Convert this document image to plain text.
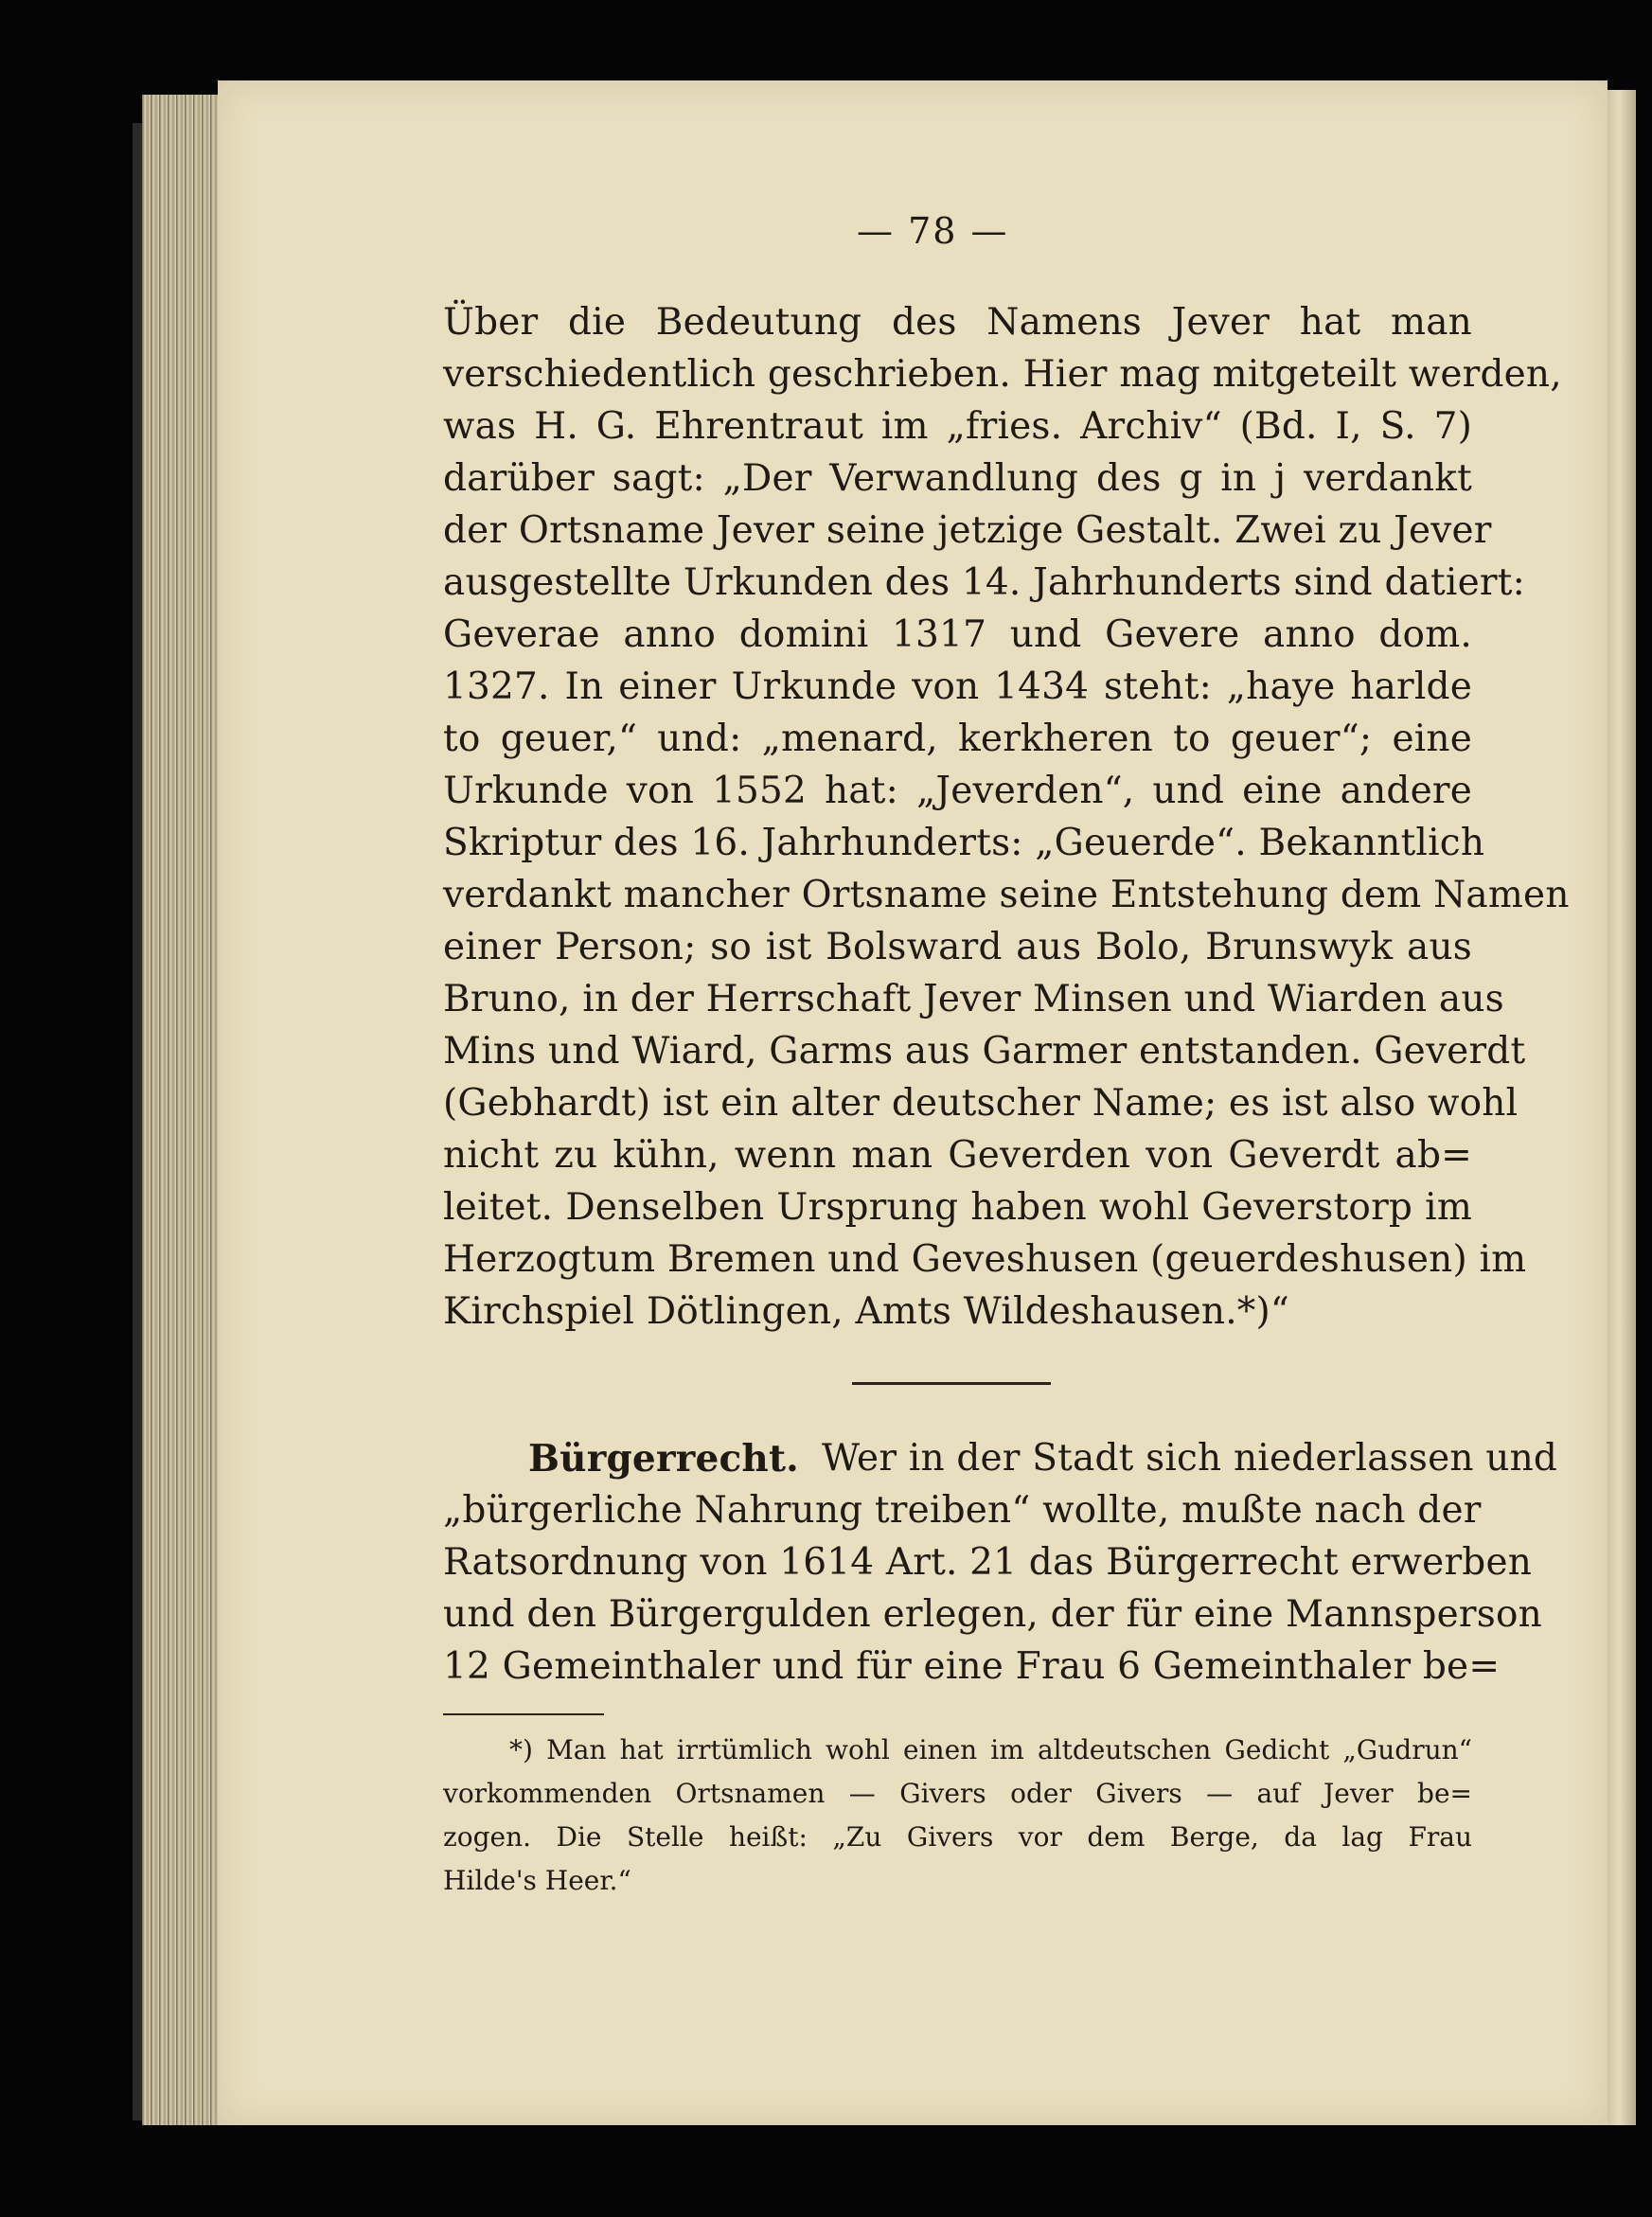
— 78 —
Über die Bedeutung des Namens Jever hat man
verschiedentlich geschrieben. Hier mag mitgeteilt werden,
was H. G. Ehrentraut im „fries. Archiv“ (Bd. I, S. 7)
darüber sagt: „Der Verwandlung des g in j verdankt
der Ortsname Jever seine jetzige Gestalt. Zwei zu Jever
ausgestellte Urkunden des 14. Jahrhunderts sind datiert:
Geverae anno domini 1317 und Gevere anno dom.
1327. In einer Urkunde von 1434 steht: „haye harlde
to geuer,“ und: „menard, kerkheren to geuer“; eine
Urkunde von 1552 hat: „Jeverden“, und eine andere
Skriptur des 16. Jahrhunderts: „Geuerde“. Bekanntlich
verdankt mancher Ortsname seine Entstehung dem Namen
einer Person; so ist Bolsward aus Bolo, Brunswyk aus
Bruno, in der Herrschaft Jever Minsen und Wiarden aus
Mins und Wiard, Garms aus Garmer entstanden. Geverdt
(Gebhardt) ist ein alter deutscher Name; es ist also wohl
nicht zu kühn, wenn man Geverden von Geverdt ab=
leitet. Denselben Ursprung haben wohl Geverstorp im
Herzogtum Bremen und Geveshusen (geuerdeshusen) im
Kirchspiel Dötlingen, Amts Wildeshausen.*)“
Bürgerrecht. Wer in der Stadt sich niederlassen und
„bürgerliche Nahrung treiben“ wollte, mußte nach der
Ratsordnung von 1614 Art. 21 das Bürgerrecht erwerben
und den Bürgergulden erlegen, der für eine Mannsperson
12 Gemeinthaler und für eine Frau 6 Gemeinthaler be=
*) Man hat irrtümlich wohl einen im altdeutschen Gedicht „Gudrun“
vorkommenden Ortsnamen — Givers oder Givers — auf Jever be=
zogen. Die Stelle heißt: „Zu Givers vor dem Berge, da lag Frau
Hilde's Heer.“
